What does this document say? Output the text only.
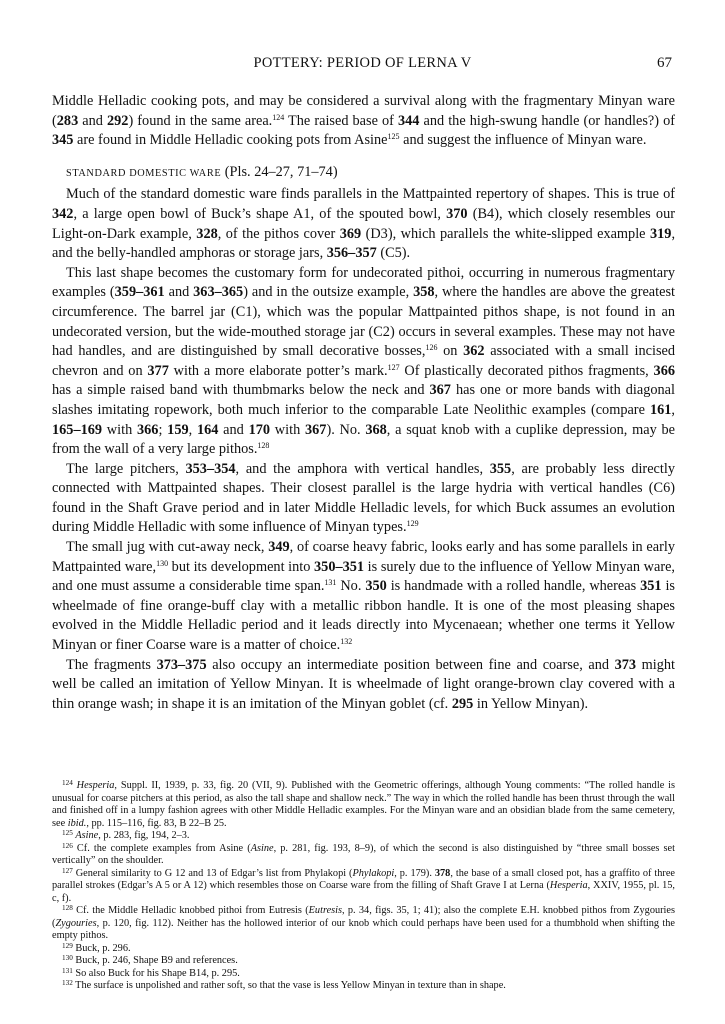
POTTERY: PERIOD OF LERNA V	67

Middle Helladic cooking pots, and may be considered a survival along with the fragmentary Minyan ware (283 and 292) found in the same area.$^{124}$ The raised base of 344 and the high-swung handle (or handles?) of 345 are found in Middle Helladic cooking pots from Asine$^{125}$ and suggest the influence of Minyan ware.

STANDARD DOMESTIC WARE (Pls. 24–27, 71–74)

Much of the standard domestic ware finds parallels in the Mattpainted repertory of shapes. This is true of 342, a large open bowl of Buck’s shape A1, of the spouted bowl, 370 (B4), which closely resembles our Light-on-Dark example, 328, of the pithos cover 369 (D3), which parallels the white-slipped example 319, and the belly-handled amphoras or storage jars, 356–357 (C5).

This last shape becomes the customary form for undecorated pithoi, occurring in numerous fragmentary examples (359–361 and 363–365) and in the outsize example, 358, where the handles are above the greatest circumference. The barrel jar (C1), which was the popular Mattpainted pithos shape, is not found in an undecorated version, but the wide-mouthed storage jar (C2) occurs in several examples. These may not have had handles, and are distinguished by small decorative bosses,$^{126}$ on 362 associated with a small incised chevron and on 377 with a more elaborate potter’s mark.$^{127}$ Of plastically decorated pithos fragments, 366 has a simple raised band with thumbmarks below the neck and 367 has one or more bands with diagonal slashes imitating ropework, both much inferior to the comparable Late Neolithic examples (compare 161, 165–169 with 366; 159, 164 and 170 with 367). No. 368, a squat knob with a cuplike depression, may be from the wall of a very large pithos.$^{128}$

The large pitchers, 353–354, and the amphora with vertical handles, 355, are probably less directly connected with Mattpainted shapes. Their closest parallel is the large hydria with vertical handles (C6) found in the Shaft Grave period and in later Middle Helladic levels, for which Buck assumes an evolution during Middle Helladic with some influence of Minyan types.$^{129}$

The small jug with cut-away neck, 349, of coarse heavy fabric, looks early and has some parallels in early Mattpainted ware,$^{130}$ but its development into 350–351 is surely due to the influence of Yellow Minyan ware, and one must assume a considerable time span.$^{131}$ No. 350 is handmade with a rolled handle, whereas 351 is wheelmade of fine orange-buff clay with a metallic ribbon handle. It is one of the most pleasing shapes evolved in the Middle Helladic period and it leads directly into Mycenaean; whether one terms it Yellow Minyan or finer Coarse ware is a matter of choice.$^{132}$

The fragments 373–375 also occupy an intermediate position between fine and coarse, and 373 might well be called an imitation of Yellow Minyan. It is wheelmade of light orange-brown clay covered with a thin orange wash; in shape it is an imitation of the Minyan goblet (cf. 295 in Yellow Minyan).

$^{124}$ Hesperia, Suppl. II, 1939, p. 33, fig. 20 (VII, 9). Published with the Geometric offerings, although Young comments: “The rolled handle is unusual for coarse pitchers at this period, as also the tall shape and shallow neck.” The way in which the rolled handle has been thrust through the wall and finished off in a lumpy fashion agrees with other Middle Helladic examples. For the Minyan ware and an obsidian blade from the same cemetery, see ibid., pp. 115–116, fig. 83, B 22–B 25.

$^{125}$ Asine, p. 283, fig, 194, 2–3.

$^{126}$ Cf. the complete examples from Asine (Asine, p. 281, fig. 193, 8–9), of which the second is also distinguished by “three small bosses set vertically” on the shoulder.

$^{127}$ General similarity to G 12 and 13 of Edgar’s list from Phylakopi (Phylakopi, p. 179). 378, the base of a small closed pot, has a graffito of three parallel strokes (Edgar’s A 5 or A 12) which resembles those on Coarse ware from the filling of Shaft Grave I at Lerna (Hesperia, XXIV, 1955, pl. 15, c, f).

$^{128}$ Cf. the Middle Helladic knobbed pithoi from Eutresis (Eutresis, p. 34, figs. 35, 1; 41); also the complete E.H. knobbed pithos from Zygouries (Zygouries, p. 120, fig. 112). Neither has the hollowed interior of our knob which could perhaps have been used for a thumbhold when shifting the empty pithos.

$^{129}$ Buck, p. 296.

$^{130}$ Buck, p. 246, Shape B9 and references.

$^{131}$ So also Buck for his Shape B14, p. 295.

$^{132}$ The surface is unpolished and rather soft, so that the vase is less Yellow Minyan in texture than in shape.
